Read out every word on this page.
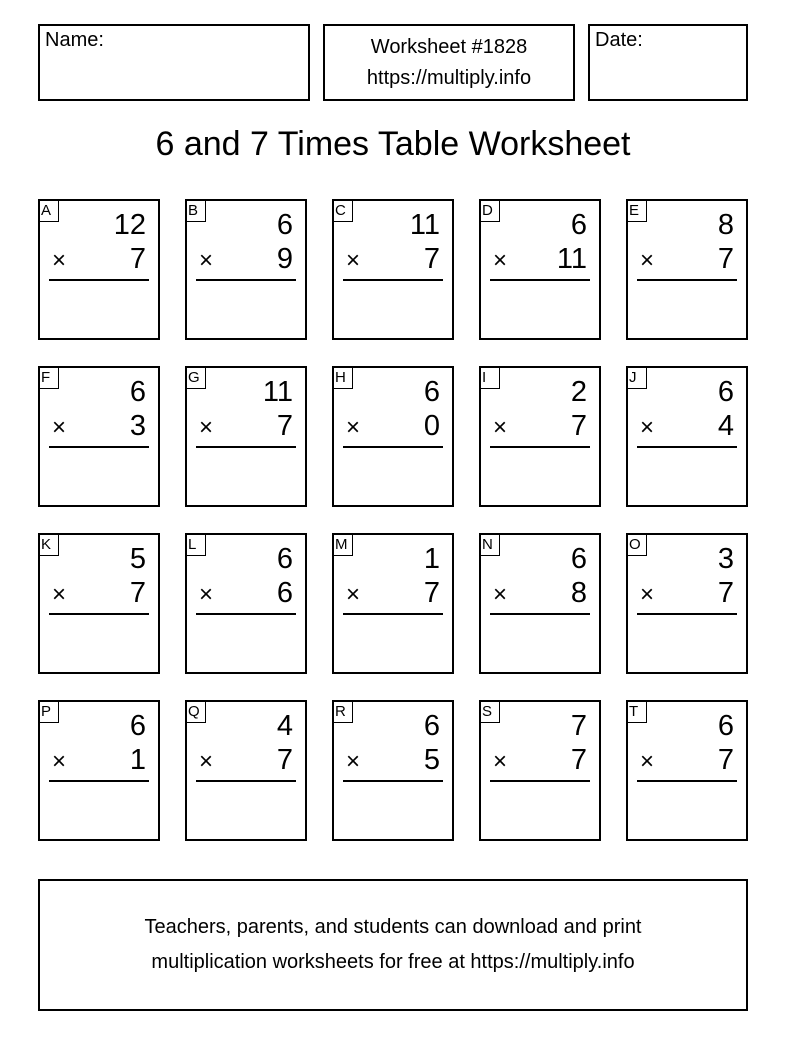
Name:	Worksheet #1828
https://multiply.info
Date:
6 and 7 Times Table Worksheet
A 12
× 7
B	6
× 9
C 11
× 7
D	6
× 11
E	8
× 7
F	6
× 3
G 11
× 7
H	6
× 0
I	2
× 7
J	6
× 4
K	5
× 7
L	6
× 6
M	1
× 7
N	6
× 8
O	3
× 7
P	6
× 1
Q	4
× 7
R	6
× 5
S	7
× 7
T	6
× 7
Teachers, parents, and students can download and print
multiplication worksheets for free at https://multiply.info
